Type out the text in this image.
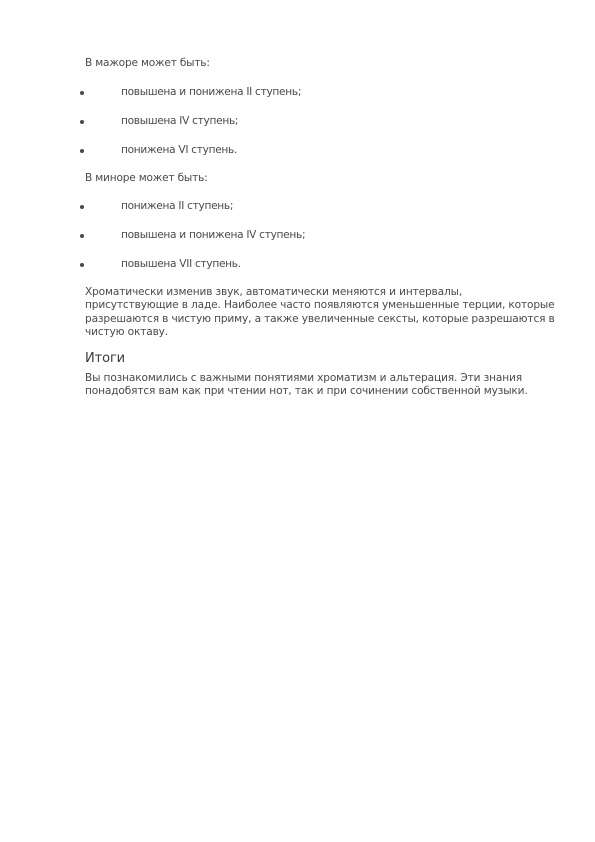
В мажоре может быть:
повышена и понижена II ступень;
повышена IV ступень;
понижена VI ступень.
В миноре может быть:
понижена II ступень;
повышена и понижена IV ступень;
повышена VII ступень.
Хроматически изменив звук, автоматически меняются и интервалы, присутствующие в ладе. Наиболее часто появляются уменьшенные терции, которые разрешаются в чистую приму, а также увеличенные сексты, которые разрешаются в чистую октаву.
Итоги
Вы познакомились с важными понятиями хроматизм и альтерация. Эти знания понадобятся вам как при чтении нот, так и при сочинении собственной музыки.
